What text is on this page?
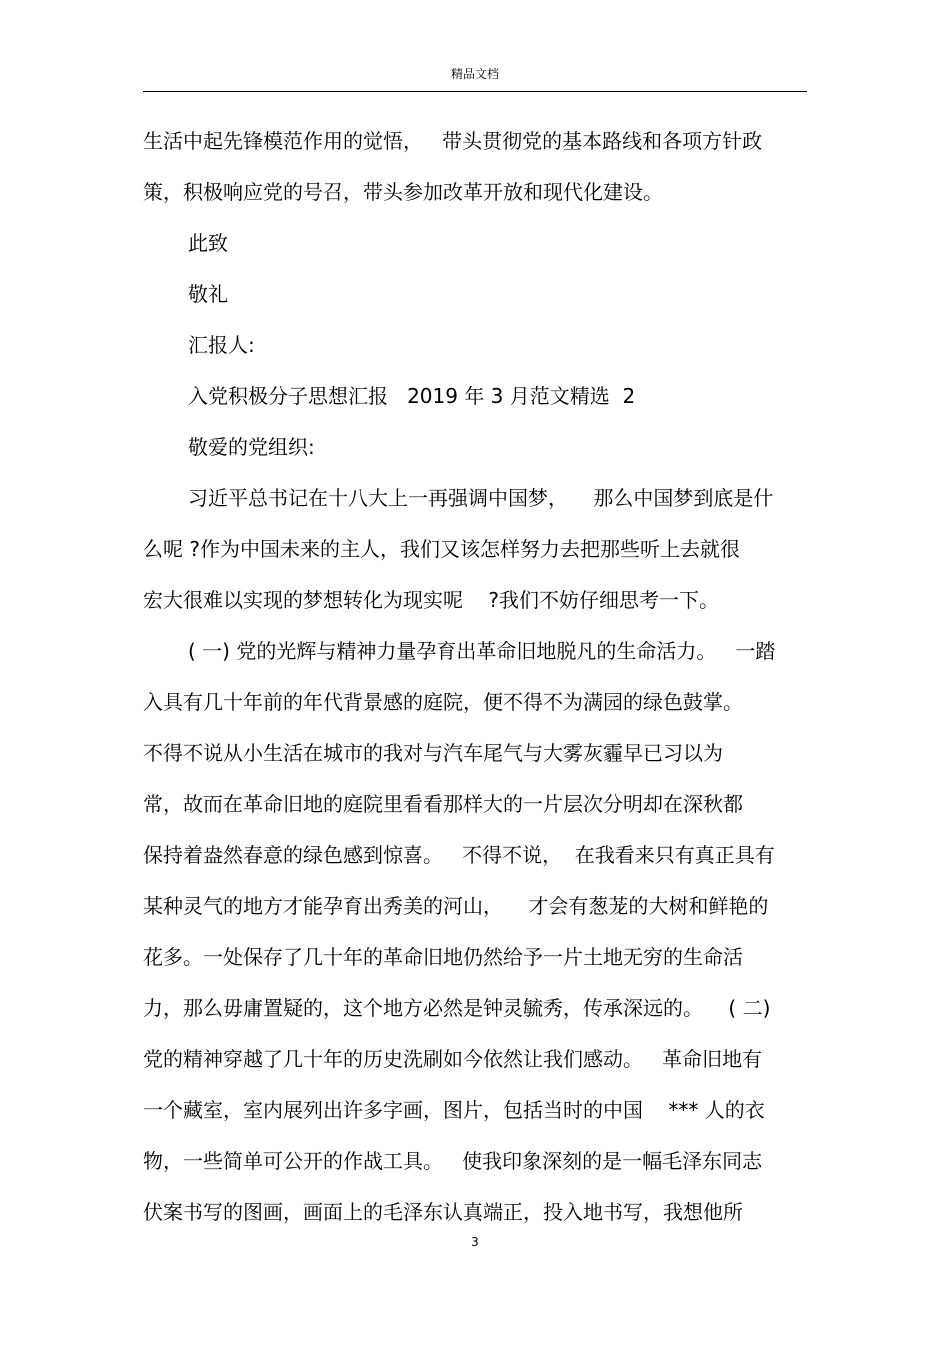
精品文档
生活中起先锋模范作用的觉悟，   带头贯彻党的基本路线和各项方针政
策，积极响应党的号召，带头参加改革开放和现代化建设。
此致
敬礼
汇报人:
入党积极分子思想汇报   2019 年 3 月范文精选  2
敬爱的党组织:
习近平总书记在十八大上一再强调中国梦，    那么中国梦到底是什
么呢 ?作为中国未来的主人，我们又该怎样努力去把那些听上去就很
宏大很难以实现的梦想转化为现实呢    ?我们不妨仔细思考一下。
( 一) 党的光辉与精神力量孕育出革命旧地脱凡的生命活力。   一踏
入具有几十年前的年代背景感的庭院，便不得不为满园的绿色鼓掌。
不得不说从小生活在城市的我对与汽车尾气与大雾灰霾早已习以为
常，故而在革命旧地的庭院里看看那样大的一片层次分明却在深秋都
保持着盎然春意的绿色感到惊喜。   不得不说，  在我看来只有真正具有
某种灵气的地方才能孕育出秀美的河山，    才会有葱茏的大树和鲜艳的
花多。一处保存了几十年的革命旧地仍然给予一片土地无穷的生命活
力，那么毋庸置疑的，这个地方必然是钟灵毓秀，传承深远的。    ( 二)
党的精神穿越了几十年的历史洗刷如今依然让我们感动。   革命旧地有
一个藏室，室内展列出许多字画，图片，包括当时的中国    *** 人的衣
物，一些简单可公开的作战工具。   使我印象深刻的是一幅毛泽东同志
伏案书写的图画，画面上的毛泽东认真端正，投入地书写，我想他所
3
